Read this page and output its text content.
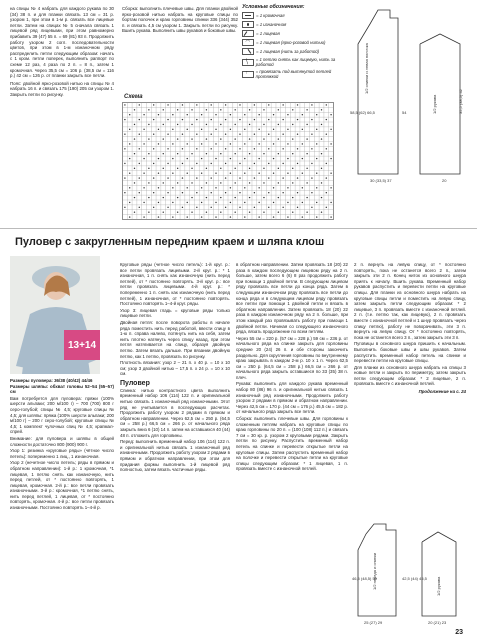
на спицы № 4 набрать для каждого рукава по 30 (34) 38 п. и для планки связать 13 см = 31 р. узором 1, при этом в 1-м р. связать все лицевые петли. Затем на спицах № 5 сначала связать 1 лицевой ряд лицевыми, при этом равномерно прибавить 39 (47) 55 п. = 69 (81) 93 п. Продолжить работу узором 2 согл. последовательности цветов, при этом в 1-м изнаночном ряду распределить петли следующим образом: начать с 1 кром. петли поперек, выполнить раппорт по схеме 12 раз, 4 раза по 2 п. = 8 п., затем 1 кромочная. Через 35,5 см = 106 р. (38,5 см = 116 р.) 42 см = 126 р. от планки закрыть все петли.

Пояс: двойной ярко-розовой нитью на спицы № 4 набрать 16 п. и связать 175 (190) 205 см узором 1. Закрыть петли по рисунку.

Сборка: выполнить плечевые швы. Для планки двойной ярко-розовой нитью набрать на круговые спицы по бортам полочек и краю горловины спинки 336 (344) 352 п. и связать 4,5 см узором 1. Закрыть петли по рисунку. Вшить рукава. Выполнить швы рукавов и боковые швы.

Условные обозначения:
= 1 кромочная
= 1 изнаночная
= 1 лицевая
◠
= 1 лицевая (ярко-розовой нитью)
= 1 лицевая (нить за работой)
╲
= 1 петлю снять как лицевую, нить за работой
↑
= провязать под вытянутой петлей протяжкой
Схема
1/2 спинки и левая полочка
1/2 рукава
58,5 (62) 66,5
30 (33,5) 37
54
20
35,5 (38,5) 42
Пуловер с закругленным передним краем и шляпа клош
13+14

Размеры пуловера: 36/38 (40/42) 44/46

Размеры шляпы: обхват головы 52–54 (55–57) см

Вам потребуется для пуловера: пряжи (100% шерсти альпаки; 200 м/100 г) – 700 (700) 800 г серо-голубой; спицы № 4,5; круговые спицы № 4,5; для шляпы: пряжа (100% шерсти альпаки; 200 м/100 г) – 200 г серо-голубой; круговые спицы № 4,5; 1 комплект чулочных спиц № 4,5; крапмал-спрей.

Внимание: для пуловера и шляпы в общей сложности достаточно 800 (900) 900 г.

Узор 1: резинка «круговые ряды» (чётное число петель): попеременно 1 лиц., 1 изнаночная.

Узор 2 (нечетное число петель; ряды в прямом и обратном направлении): 1-й р.: 1 кромочная, *1 лицевая, 1 петлю снять как изнаночную, нить перед петлей, от * постоянно повторять, 1 лицевая, кромочная. 2-й р.: все петли провязать изнаночными. 3-й р.: кромочная, *1 петлю снять, нить перед петлей, 1 лицевая, от * постоянно повторять, кромочная. 4-й р.: все петли провязать изнаночными. Постоянно повторять 1–4-й р.

Круговые ряды (четное число петель): 1-й круг. р.: все петли провязать лицевыми. 2-й круг. р.: * 1 изнаночная, 1 п. снять как изнаночную (нить перед петлей), от * постоянно повторять. 3-й круг. р.: все петли провязать лицевыми. 4-й круг. р.: * попеременно 1 п. снять как изнаночную (нить перед петлей), 1 изнаночная, от * постоянно повторять. Постоянно повторять 1–4-й круг. ряды.

Узор 3: лицевая гладь = круговые ряды только лицевые петли.

Двойная петля: после поворота работы в начале ряда поместить нить перед работой, ввести спицу в 1-ю п. справа налево, потянуть нить на себя, затем нить плотно натянуть через спицу назад, при этом петля натягивается на спицу, образуя двойную петлю. Затем вязать дальше. При вязании двойную петлю, как 1 петлю, провязать по рисунку.

Плотность вязания: узор 2 – 21 п. х 40 р. = 10 х 10 см; узор 3 двойной нитью – 17,5 п. х 24 р. = 10 х 10 см.

Пуловер

Спинка: нитью контрастного цвета выполнить временный набор 106 (114) 122 п. и оригинальной нитью связать 1 изнаночный ряд изнаночными. Этот ряд не учитывается в последующих расчетах. Продолжить работу узором 2 рядами в прямом и обратном направлении. Через 62,5 см = 250 р. (64,5 см = 258 р.) 66,5 см = 266 р. от начального ряда закрыть вниз 6 (10) 14 п. затем на оставшихся 40 (44) 48 п. отложить для горловины.

Перед: выполнить временный набор 106 (114) 122 п. и оригинальной нитью связать 1 изнаночный ряд изнаночными. Продолжить работу узором 2 рядами в прямом и обратном направлении, при этом для придания формы выполнить 1-й лицевой ряд полностью, затем вязать частичные ряды.

в обратном направлении. Затем провязать 18 (20) 22 раза в каждом последующем лицевом ряду на 2 п. больше, затем всего 6 (6) 8 раз продолжить работу при помощи 1 двойной петли. В следующем лицевом ряду провязать все петли до конца ряда. Затем в следующем изнаночном ряду провязать все петли до конца ряда и в следующем лицевом ряду провязать все петли при помощи 1 двойной петли и вязать в обратном направлении. Затем провязать 18 (20) 22 раза в каждом изнаночном ряду на 2 п. больше, при этом каждый раз провязывать работу при помощи 1 двойной петли. Начиная со следующего изнаночного ряда, вязать продолжение по всем петлям.

Через 55 см = 220 р. (57 см = 228 р.) 59 см = 236 р. от начального ряда на спинке закрыть для горловины средние 20 (24) 26 п. и обе стороны закончить раздельно. Для скругления горловины по внутреннему краю закрывать в каждом 2-м р. 10 х 1 п. Через 62,5 см = 250 р. (64,5 см = 258 р.) 66,5 см = 266 р. от начального ряда закрыть оставшиеся по 33 (35) 38 п. плеч.

Рукава: выполнить для каждого рукава временный набор 80 (86) 96 п. и оригинальной нитью связать 1 изнаночный ряд изнаночными. Продолжить работу узором 2 рядами в прямом и обратном направлении. Через 42,5 см = 170 р. (44 см = 176 р.) 45,5 см = 182 р. от начального ряда закрыть все петли.

Сборка: выполнить плечевые швы. Для горловины к сложенным петлям набрать на круговые спицы по краю горловины по 20 п. = (100 (108) 112 п.) и связать 7 см = 30 кр. р. узором 2 круговыми рядами. Закрыть петли по рисунку. Распустить временный набор петель на спинке и перевести открытые петли на круговые спицы. Затем распустить временный набор на полочке и перевести открытые петли на круговые спицы следующим образом: * 1 лицевая, 1 п. провязать вместе с изнаночной петлей.

2 п. вернуть на левую спицу, от * постоянно повторять, пока не останется всего 2 п., затем закрыть эти 2 п. Конец ниток из основного шнура приять к началу. Вшить рукава. Временный набор рукавов распустить и перевести петли на круговые спицы. Для планки из основного шнура набрать на круговые спицы петли и поместить на левую спицу, затем закрыть петли следующим образом: * 2 лицевые, 3 п. провязать вместе с изнаночной петлей. 2 п. (т.е. петлю так, как лицевую), 2 п. провязать вместе с изнаночной петлей и 1 шнур провязать через спицу петлю), работу не поворачивать, эти 3 п. вернуть на левую спицу. От * постоянно повторять, пока не останется всего 3 п., затем закрыть эти 3 п.

Пуговицы в основного шнура пришить к начальным. Выполнить боковые швы и швы рукавов. Затем распустить временный набор петель на спинке и перевести петли на круговые спицы.

Для планки из основного шнура набрать на спицы 3 новые петли и закрыть по периметру, затем закрыть петли следующим образом: * 2 лицевые, 2 п. провязать вместе с изнаночной петлей.

Продолжение на с. 24

1/2 переда и спинки	1/2 рукава
46,5 (48,5) 50	42,5 (44) 45,5
25 (27) 29	20 (21) 23
23
